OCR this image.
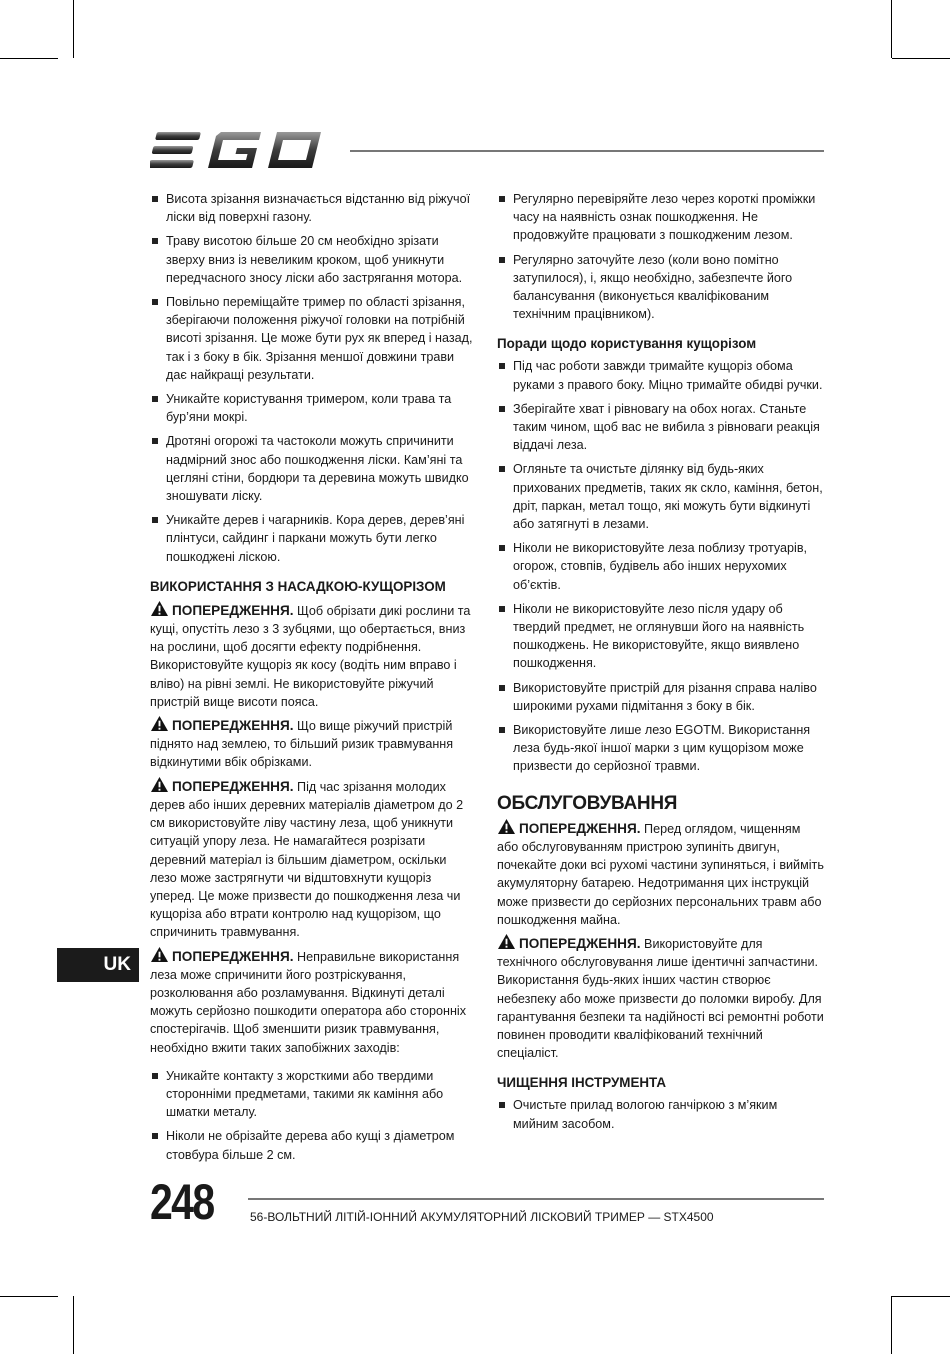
Висота зрізання визначається відстанню від ріжучої ліски від поверхні газону.
Траву висотою більше 20 см необхідно зрізати зверху вниз із невеликим кроком, щоб уникнути передчасного зносу ліски або застрягання мотора.
Повільно переміщайте тример по області зрізання, зберігаючи положення ріжучої головки на потрібній висоті зрізання. Це може бути рух як вперед і назад, так і з боку в бік. Зрізання меншої довжини трави дає найкращі результати.
Уникайте користування тримером, коли трава та бур’яни мокрі.
Дротяні огорожі та частоколи можуть спричинити надмірний знос або пошкодження ліски. Кам’яні та цегляні стіни, бордюри та деревина можуть швидко зношувати ліску.
Уникайте дерев і чагарників. Кора дерев, дерев’яні плінтуси, сайдинг і паркани можуть бути легко пошкоджені ліскою.
ВИКОРИСТАННЯ З НАСАДКОЮ-КУЩОРІЗОМ

ПОПЕРЕДЖЕННЯ. Щоб обрізати дикі рослини та кущі, опустіть лезо з 3 зубцями, що обертається, вниз на рослини, щоб досягти ефекту подрібнення. Використовуйте кущоріз як косу (водіть ним вправо і вліво) на рівні землі. Не використовуйте ріжучий пристрій вище висоти пояса.

ПОПЕРЕДЖЕННЯ. Що вище ріжучий пристрій піднято над землею, то більший ризик травмування відкинутими вбік обрізками.

ПОПЕРЕДЖЕННЯ. Під час зрізання молодих дерев або інших деревних матеріалів діаметром до 2 см використовуйте ліву частину леза, щоб уникнути ситуацій упору леза. Не намагайтеся розрізати деревний матеріал із більшим діаметром, оскільки лезо може застрягнути чи відштовхнути кущоріз уперед. Це може призвести до пошкодження леза чи кущоріза або втрати контролю над кущорізом, що спричинить травмування.

ПОПЕРЕДЖЕННЯ. Неправильне використання леза може спричинити його розтріскування, розколювання або розламування. Відкинуті деталі можуть серйозно пошкодити оператора або сторонніх спостерігачів. Щоб зменшити ризик травмування, необхідно вжити таких запобіжних заходів:

Уникайте контакту з жорсткими або твердими сторонніми предметами, такими як каміння або шматки металу.
Ніколи не обрізайте дерева або кущі з діаметром стовбура більше 2 см.
Регулярно перевіряйте лезо через короткі проміжки часу на наявність ознак пошкодження. Не продовжуйте працювати з пошкодженим лезом.
Регулярно заточуйте лезо (коли воно помітно затупилося), і, якщо необхідно, забезпечте його балансування (виконується кваліфікованим технічним працівником).
Поради щодо користування кущорізом
Під час роботи завжди тримайте кущоріз обома руками з правого боку. Міцно тримайте обидві ручки.
Зберігайте хват і рівновагу на обох ногах. Станьте таким чином, щоб вас не вибила з рівноваги реакція віддачі леза.
Огляньте та очистьте ділянку від будь-яких прихованих предметів, таких як скло, каміння, бетон, дріт, паркан, метал тощо, які можуть бути відкинуті або затягнуті в лезами.
Ніколи не використовуйте леза поблизу тротуарів, огорож, стовпів, будівель або інших нерухомих об’єктів.
Ніколи не використовуйте лезо після удару об твердий предмет, не оглянувши його на наявність пошкоджень. Не використовуйте, якщо виявлено пошкодження.
Використовуйте пристрій для різання справа наліво широкими рухами підмітання з боку в бік.
Використовуйте лише лезо EGOTM. Використання леза будь-якої іншої марки з цим кущорізом може призвести до серйозної травми.
ОБСЛУГОВУВАННЯ

ПОПЕРЕДЖЕННЯ. Перед оглядом, чищенням або обслуговуванням пристрою зупиніть двигун, почекайте доки всі рухомі частини зупиняться, і вийміть акумуляторну батарею. Недотримання цих інструкцій може призвести до серйозних персональних травм або пошкодження майна.

ПОПЕРЕДЖЕННЯ. Використовуйте для технічного обслуговування лише ідентичні запчастини. Використання будь-яких інших частин створює небезпеку або може призвести до поломки виробу. Для гарантування безпеки та надійності всі ремонтні роботи повинен проводити кваліфікований технічний спеціаліст.

ЧИЩЕННЯ ІНСТРУМЕНТА
Очистьте прилад вологою ганчіркою з м’яким мийним засобом.
UK
248	56-ВОЛЬТНИЙ ЛІТІЙ-ІОННИЙ АКУМУЛЯТОРНИЙ ЛІСКОВИЙ ТРИМЕР — STX4500
